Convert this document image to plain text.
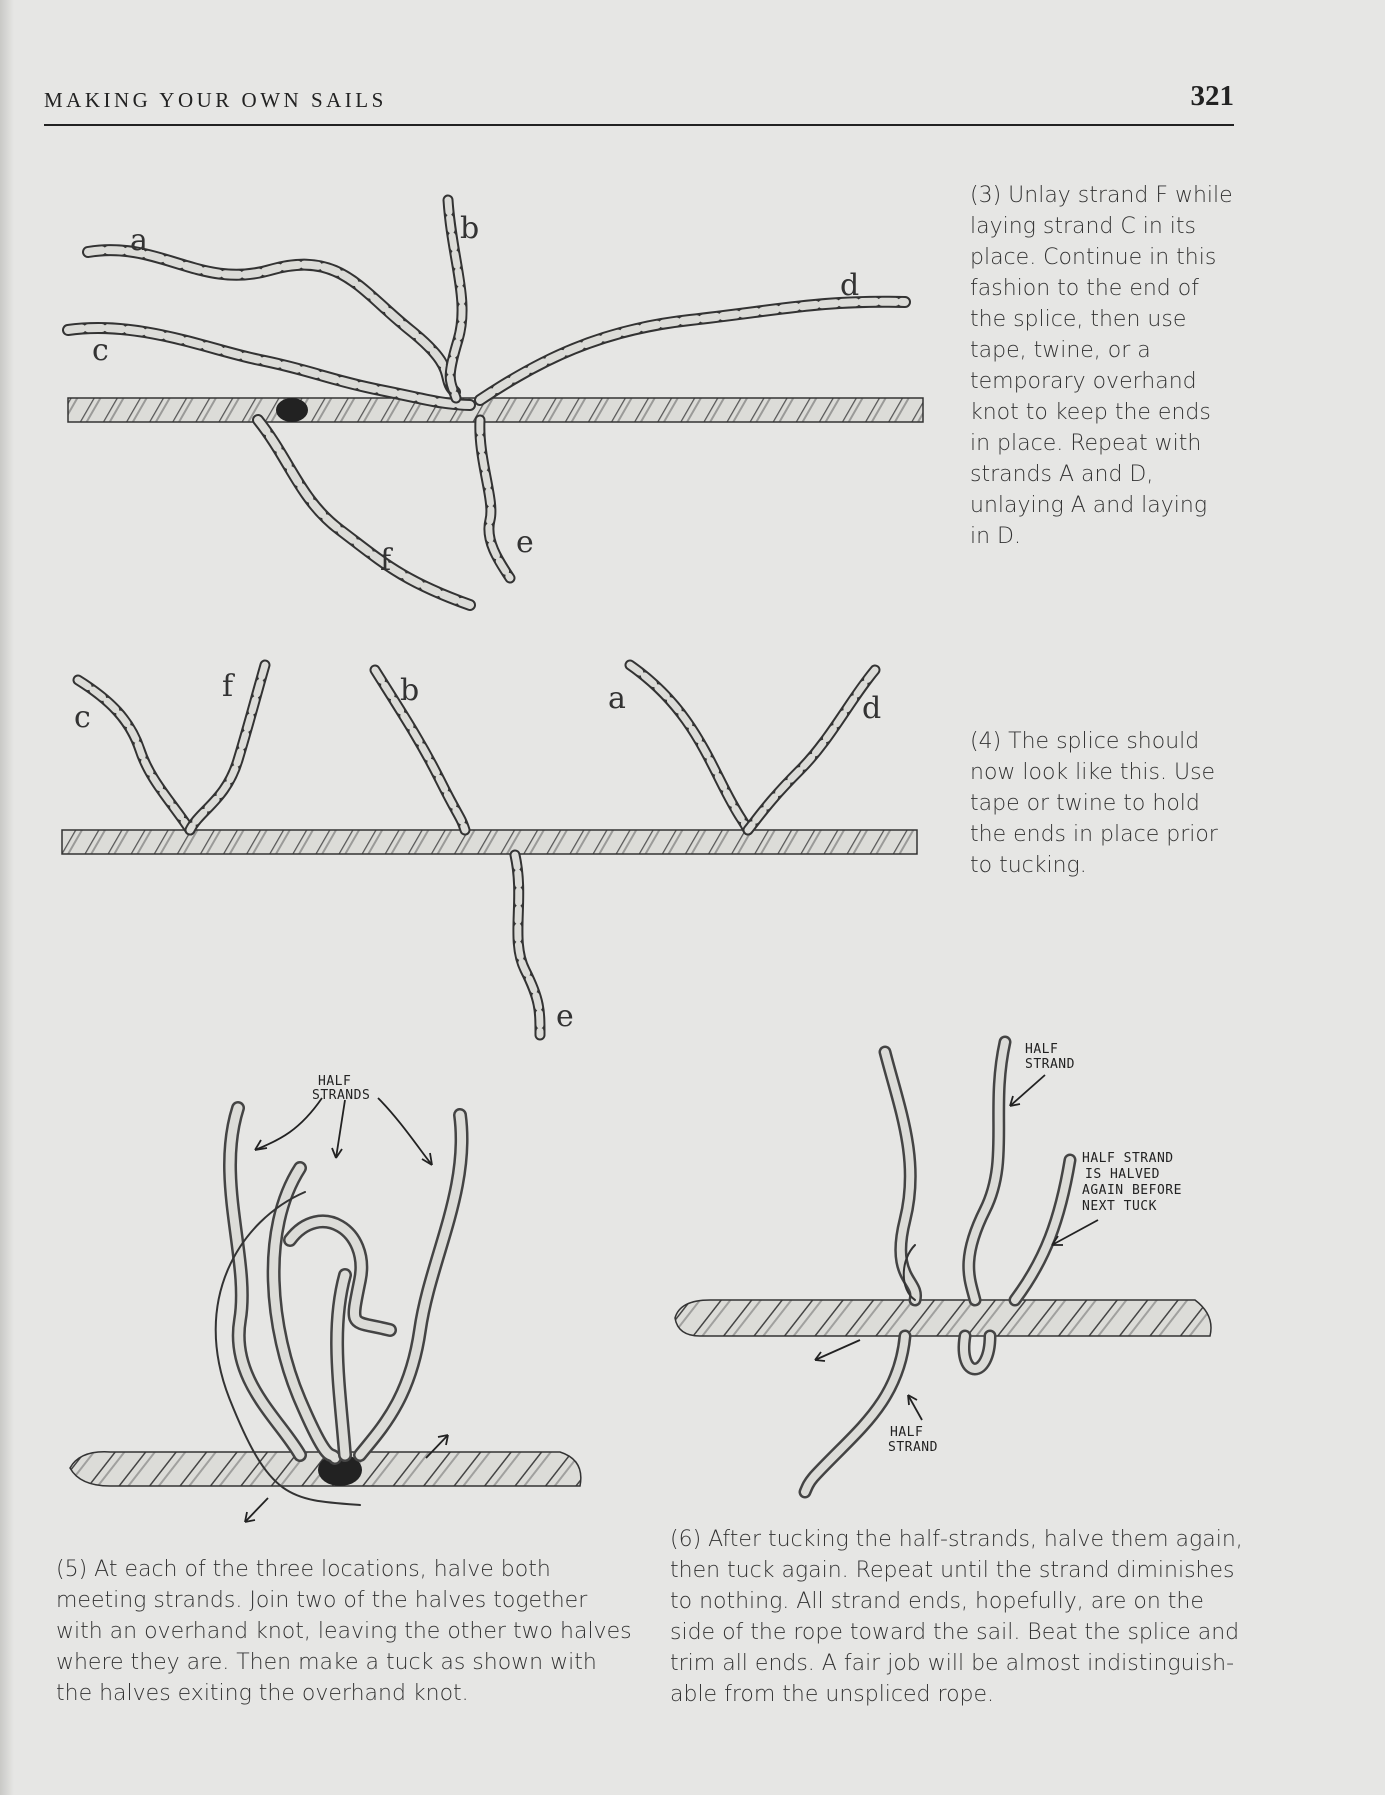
MAKING YOUR OWN SAILS	321
a	b
c
d
e
f
c
f	b	a	d
e
HALF
STRANDS
HALF
STRAND
HALF STRAND
IS HALVED
AGAIN BEFORE
NEXT TUCK
HALF
STRAND
(3) Unlay strand F while
laying strand C in its
place. Continue in this
fashion to the end of
the splice, then use
tape, twine, or a
temporary overhand
knot to keep the ends
in place. Repeat with
strands A and D,
unlaying A and laying
in D.
(4) The splice should
now look like this. Use
tape or twine to hold
the ends in place prior
to tucking.
(5) At each of the three locations, halve both
meeting strands. Join two of the halves together
with an overhand knot, leaving the other two halves
where they are. Then make a tuck as shown with
the halves exiting the overhand knot.
(6) After tucking the half-strands, halve them again,
then tuck again. Repeat until the strand diminishes
to nothing. All strand ends, hopefully, are on the
side of the rope toward the sail. Beat the splice and
trim all ends. A fair job will be almost indistinguish-
able from the unspliced rope.
